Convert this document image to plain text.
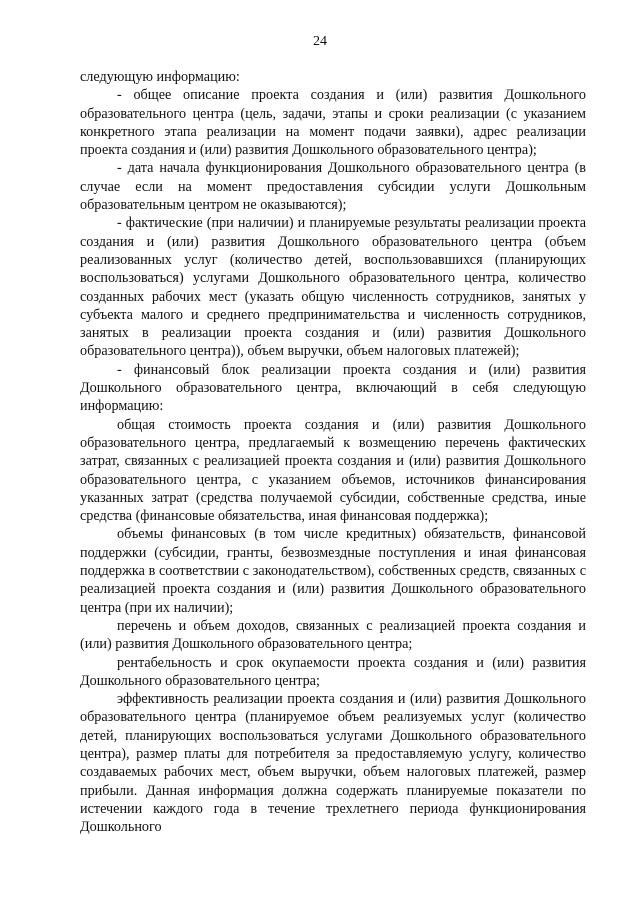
24

следующую информацию:

- общее описание проекта создания и (или) развития Дошкольного образовательного центра (цель, задачи, этапы и сроки реализации (с указанием конкретного этапа реализации на момент подачи заявки), адрес реализации проекта создания и (или) развития Дошкольного образовательного центра);

- дата начала функционирования Дошкольного образовательного центра (в случае если на момент предоставления субсидии услуги Дошкольным образовательным центром не оказываются);

- фактические (при наличии) и планируемые результаты реализации проекта создания и (или) развития Дошкольного образовательного центра (объем реализованных услуг (количество детей, воспользовавшихся (планирующих воспользоваться) услугами Дошкольного образовательного центра, количество созданных рабочих мест (указать общую численность сотрудников, занятых у субъекта малого и среднего предпринимательства и численность сотрудников, занятых в реализации проекта создания и (или) развития Дошкольного образовательного центра)), объем выручки, объем налоговых платежей);

- финансовый блок реализации проекта создания и (или) развития Дошкольного образовательного центра, включающий в себя следующую информацию:

общая стоимость проекта создания и (или) развития Дошкольного образовательного центра, предлагаемый к возмещению перечень фактических затрат, связанных с реализацией проекта создания и (или) развития Дошкольного образовательного центра, с указанием объемов, источников финансирования указанных затрат (средства получаемой субсидии, собственные средства, иные средства (финансовые обязательства, иная финансовая поддержка);

объемы финансовых (в том числе кредитных) обязательств, финансовой поддержки (субсидии, гранты, безвозмездные поступления и иная финансовая поддержка в соответствии с законодательством), собственных средств, связанных с реализацией проекта создания и (или) развития Дошкольного образовательного центра (при их наличии);

перечень и объем доходов, связанных с реализацией проекта создания и (или) развития Дошкольного образовательного центра;

рентабельность и срок окупаемости проекта создания и (или) развития Дошкольного образовательного центра;

эффективность реализации проекта создания и (или) развития Дошкольного образовательного центра (планируемое объем реализуемых услуг (количество детей, планирующих воспользоваться услугами Дошкольного образовательного центра), размер платы для потребителя за предоставляемую услугу, количество создаваемых рабочих мест, объем выручки, объем налоговых платежей, размер прибыли. Данная информация должна содержать планируемые показатели по истечении каждого года в течение трехлетнего периода функционирования Дошкольного
